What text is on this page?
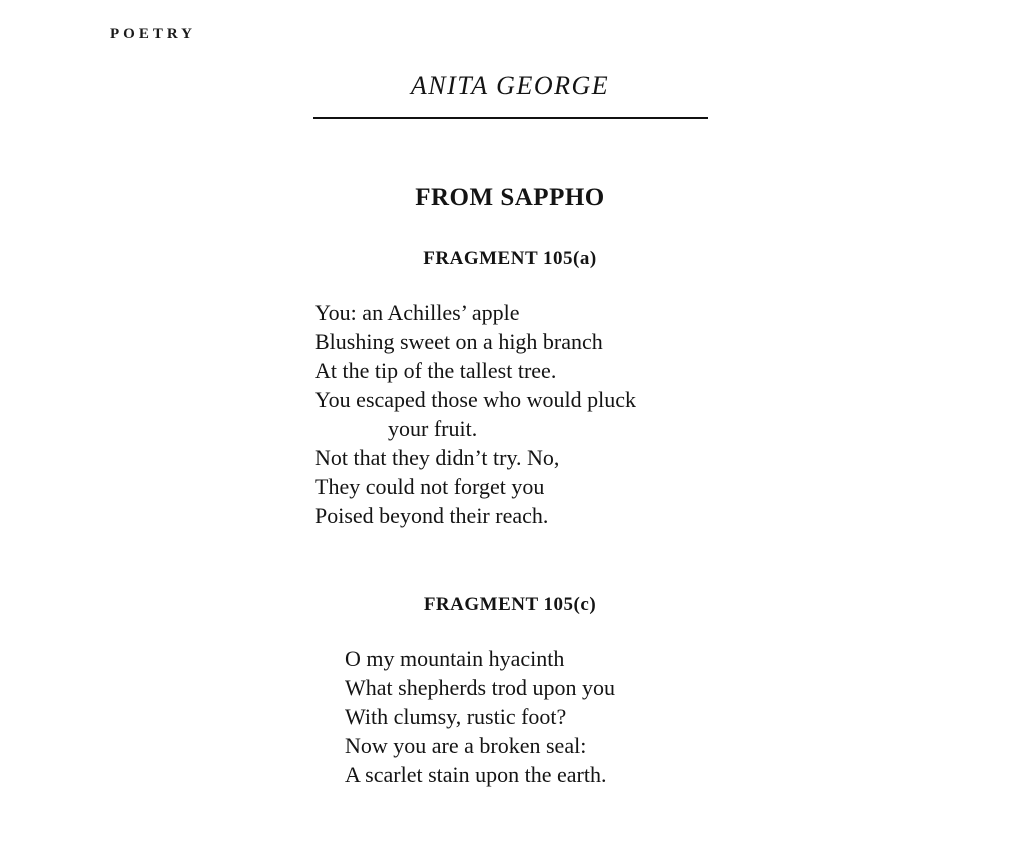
POETRY
ANITA GEORGE
FROM SAPPHO
FRAGMENT 105(a)
You: an Achilles’ apple
Blushing sweet on a high branch
At the tip of the tallest tree.
You escaped those who would pluck
your fruit.
Not that they didn’t try. No,
They could not forget you
Poised beyond their reach.
FRAGMENT 105(c)
O my mountain hyacinth
What shepherds trod upon you
With clumsy, rustic foot?
Now you are a broken seal:
A scarlet stain upon the earth.
